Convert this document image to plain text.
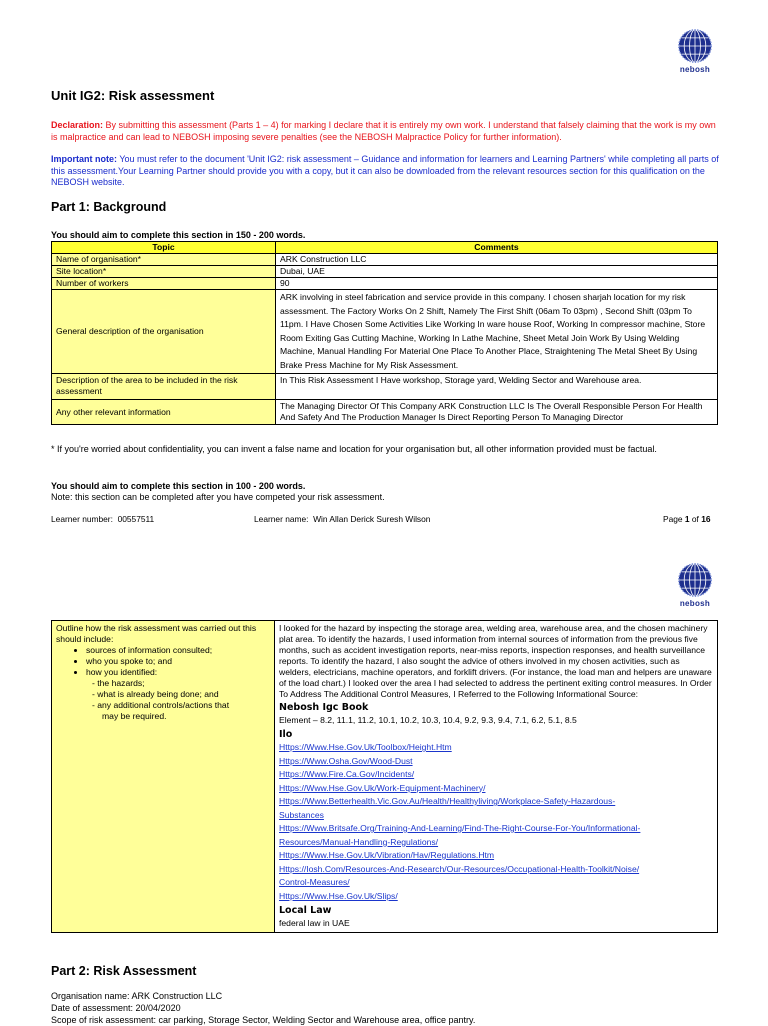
nebosh
Unit IG2: Risk assessment
Declaration: By submitting this assessment (Parts 1 – 4) for marking I declare that it is entirely my own work. I understand that falsely claiming that the work is my own is malpractice and can lead to NEBOSH imposing severe penalties (see the NEBOSH Malpractice Policy for further information).
Important note: You must refer to the document 'Unit IG2: risk assessment – Guidance and information for learners and Learning Partners' while completing all parts of this assessment.Your Learning Partner should provide you with a copy, but it can also be downloaded from the relevant resources section for this qualification on the NEBOSH website.
Part 1: Background
You should aim to complete this section in 150 - 200 words.
Topic	Comments
Name of organisation*	ARK Construction LLC
Site location*	Dubai, UAE
Number of workers	90
General description of the organisation	ARK involving in steel fabrication and service provide in this company. I chosen sharjah location for my risk assessment. The Factory Works On 2 Shift, Namely The First Shift (06am To 03pm) , Second Shift (03pm To 11pm. I Have Chosen Some Activities Like Working In ware house Roof, Working In compressor machine, Store Room Exiting Gas Cutting Machine, Working In Lathe Machine, Sheet Metal Join Work By Using Welding Machine, Manual Handling For Material One Place To Another Place, Straightening The Metal Sheet By Using Brake Press Machine for My Risk Assessment.
Description of the area to be included in the risk assessment	In This Risk Assessment I Have workshop, Storage yard, Welding Sector and Warehouse area.
Any other relevant information	The Managing Director Of This Company ARK Construction LLC Is The Overall Responsible Person For Health And Safety And The Production Manager Is Direct Reporting Person To Managing Director
* If you're worried about confidentiality, you can invent a false name and location for your organisation but, all other information provided must be factual.
You should aim to complete this section in 100 - 200 words.
Note: this section can be completed after you have competed your risk assessment.
Learner number: 00557511	Learner name: Win Allan Derick Suresh Wilson	Page 1 of 16
nebosh
Outline how the risk assessment was carried out this should include:
• sources of information consulted;
• who you spoke to; and
• how you identified:
- the hazards;
- what is already being done; and
- any additional controls/actions that
may be required.

I looked for the hazard by inspecting the storage area, welding area, warehouse area, and the chosen machinery plat area. To identify the hazards, I used information from internal sources of information from the previous five months, such as accident investigation reports, near-miss reports, inspection responses, and health surveillance reports. To identify the hazard, I also sought the advice of others involved in my chosen activities, such as welders, electricians, machine operators, and forklift drivers. (For instance, the load man and helpers are unaware of the load chart.) I looked over the area I had selected to address the pertinent exiting control measures. In Order To Address The Additional Control Measures, I Referred to the Following Informational Source:
Nebosh Igc Book
Element – 8.2, 11.1, 11.2, 10.1, 10.2, 10.3, 10.4, 9.2, 9.3, 9.4, 7.1, 6.2, 5.1, 8.5
Ilo
Https://Www.Hse.Gov.Uk/Toolbox/Height.Htm
Https://Www.Osha.Gov/Wood-Dust
Https://Www.Fire.Ca.Gov/Incidents/
Https://Www.Hse.Gov.Uk/Work-Equipment-Machinery/
Https://Www.Betterhealth.Vic.Gov.Au/Health/Healthyliving/Workplace-Safety-Hazardous-
Substances
Https://Www.Britsafe.Org/Training-And-Learning/Find-The-Right-Course-For-You/Informational-
Resources/Manual-Handling-Regulations/
Https://Www.Hse.Gov.Uk/Vibration/Hav/Regulations.Htm
Https://Iosh.Com/Resources-And-Research/Our-Resources/Occupational-Health-Toolkit/Noise/
Control-Measures/
Https://Www.Hse.Gov.Uk/Slips/
Local Law
federal law in UAE
Part 2: Risk Assessment
Organisation name: ARK Construction LLC
Date of assessment: 20/04/2020
Scope of risk assessment: car parking, Storage Sector, Welding Sector and Warehouse area, office pantry.
